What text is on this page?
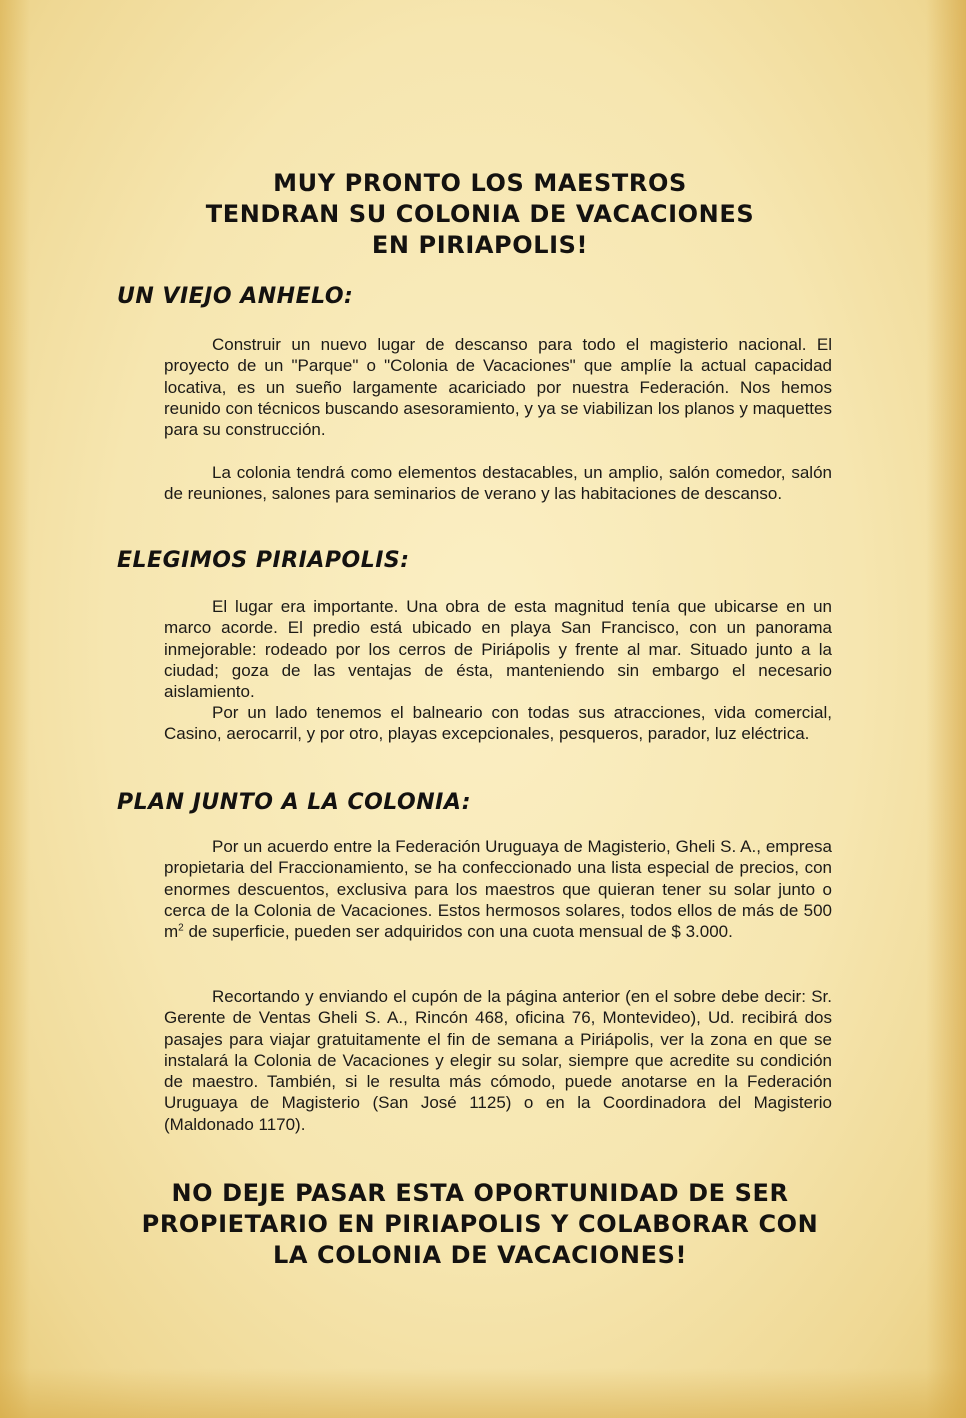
MUY PRONTO LOS MAESTROS
TENDRAN SU COLONIA DE VACACIONES
EN PIRIAPOLIS!
UN VIEJO ANHELO:

Construir un nuevo lugar de descanso para todo el magisterio nacional. El proyecto de un "Parque" o "Colonia de Vacaciones" que amplíe la actual capacidad locativa, es un sueño largamente acariciado por nuestra Federación. Nos hemos reunido con técnicos buscando asesoramiento, y ya se viabilizan los planos y maquettes para su construcción.

La colonia tendrá como elementos destacables, un amplio, salón comedor, salón de reuniones, salones para seminarios de verano y las habitaciones de descanso.

ELEGIMOS PIRIAPOLIS:

El lugar era importante. Una obra de esta magnitud tenía que ubicarse en un marco acorde. El predio está ubicado en playa San Francisco, con un panorama inmejorable: rodeado por los cerros de Piriápolis y frente al mar. Situado junto a la ciudad; goza de las ventajas de ésta, manteniendo sin embargo el necesario aislamiento.

Por un lado tenemos el balneario con todas sus atracciones, vida comercial, Casino, aerocarril, y por otro, playas excepcionales, pesqueros, parador, luz eléctrica.

PLAN JUNTO A LA COLONIA:

Por un acuerdo entre la Federación Uruguaya de Magisterio, Gheli S. A., empresa propietaria del Fraccionamiento, se ha confeccionado una lista especial de precios, con enormes descuentos, exclusiva para los maestros que quieran tener su solar junto o cerca de la Colonia de Vacaciones. Estos hermosos solares, todos ellos de más de 500 $m^2$ de superficie, pueden ser adquiridos con una cuota mensual de $ 3.000.

Recortando y enviando el cupón de la página anterior (en el sobre debe decir: Sr. Gerente de Ventas Gheli S. A., Rincón 468, oficina 76, Montevideo), Ud. recibirá dos pasajes para viajar gratuitamente el fin de semana a Piriápolis, ver la zona en que se instalará la Colonia de Vacaciones y elegir su solar, siempre que acredite su condición de maestro. También, si le resulta más cómodo, puede anotarse en la Federación Uruguaya de Magisterio (San José 1125) o en la Coordinadora del Magisterio (Maldonado 1170).

NO DEJE PASAR ESTA OPORTUNIDAD DE SER
PROPIETARIO EN PIRIAPOLIS Y COLABORAR CON
LA COLONIA DE VACACIONES!
